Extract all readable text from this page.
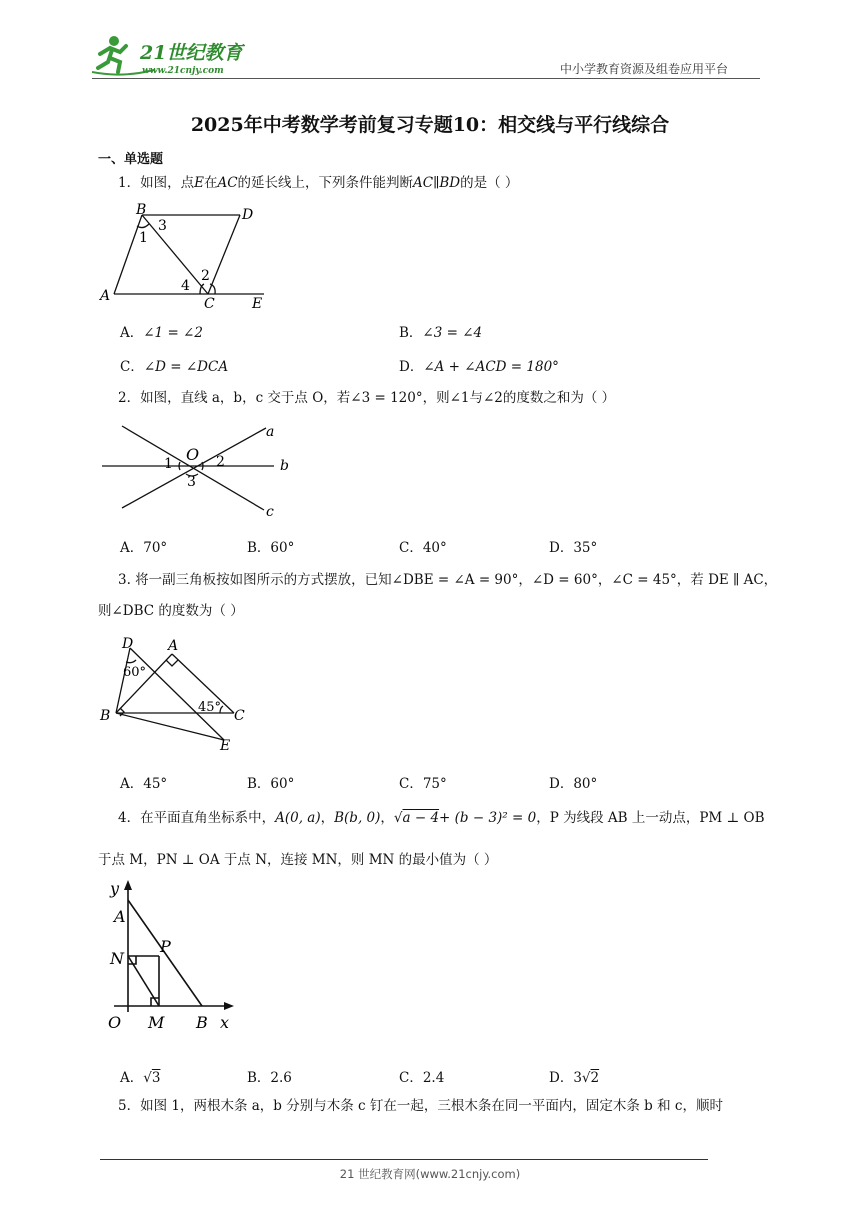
21世纪教育
www.21cnjy.com	中小学教育资源及组卷应用平台
2025年中考数学考前复习专题10：相交线与平行线综合
一、单选题
1．如图，点E在AC的延长线上，下列条件能判断AC∥BD的是（ ）
B	D
A	C	E
1
3
2
4
A．∠1 = ∠2	B．∠3 = ∠4
C．∠D = ∠DCA	D．∠A + ∠ACD = 180°
2．如图，直线 a，b，c 交于点 O，若∠3 = 120°，则∠1与∠2的度数之和为（ ）
O
a
b
c
1	2
3
A．70°	B．60°	C．40°	D．35°
3. 将一副三角板按如图所示的方式摆放，已知∠DBE = ∠A = 90°，∠D = 60°，∠C = 45°，若 DE ∥ AC，
则∠DBC 的度数为（ ）
D A
B	C
E
60°
45°
A．45°	B．60°	C．75°	D．80°
4．在平面直角坐标系中，A(0, a)，B(b, 0)，√a − 4+ (b − 3)² = 0，P 为线段 AB 上一动点，PM ⊥ OB
于点 M，PN ⊥ OA 于点 N，连接 MN，则 MN 的最小值为（ ）
y
A
N
P
O M B x
A．√3	B．2.6	C．2.4	D．3√2
5．如图 1，两根木条 a，b 分别与木条 c 钉在一起，三根木条在同一平面内，固定木条 b 和 c，顺时
21 世纪教育网(www.21cnjy.com)
